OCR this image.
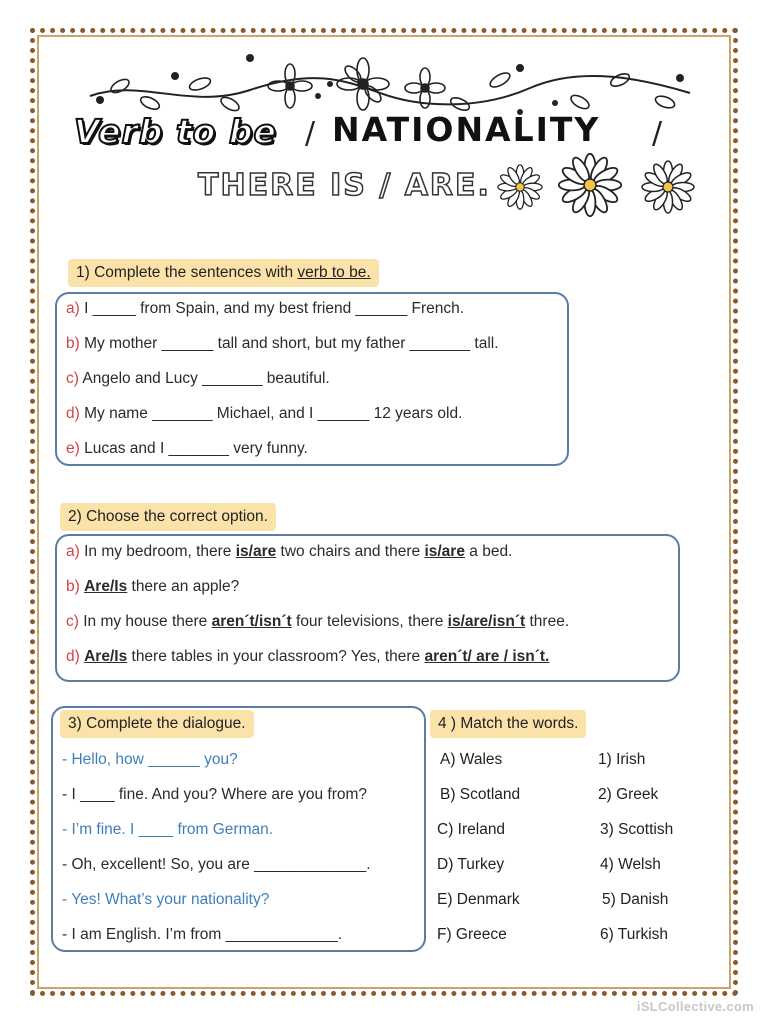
Verb to be / NATIONALITY /
THERE IS / ARE.
1) Complete the sentences with verb to be.
a) I _____ from Spain, and my best friend ______ French.
b) My mother ______ tall and short, but my father _______ tall.
c) Angelo and Lucy _______ beautiful.
d) My name _______ Michael, and I ______ 12 years old.
e) Lucas and I _______ very funny.
2) Choose the correct option.
a) In my bedroom, there is/are two chairs and there is/are a bed.
b) Are/Is there an apple?
c) In my house there aren´t/isn´t four televisions, there is/are/isn´t three.
d) Are/Is there tables in your classroom? Yes, there aren´t/ are / isn´t.
3) Complete the dialogue.
- Hello, how ______ you?
- I ____ fine. And you? Where are you from?
- I’m fine. I ____ from German.
- Oh, excellent! So, you are _____________.
- Yes! What’s your nationality?
- I am English. I’m from _____________.
4 ) Match the words.
A) Wales
B) Scotland
C) Ireland
D) Turkey
E) Denmark
F) Greece
1) Irish
2) Greek
3) Scottish
4) Welsh
5) Danish
6) Turkish
iSLCollective.com
